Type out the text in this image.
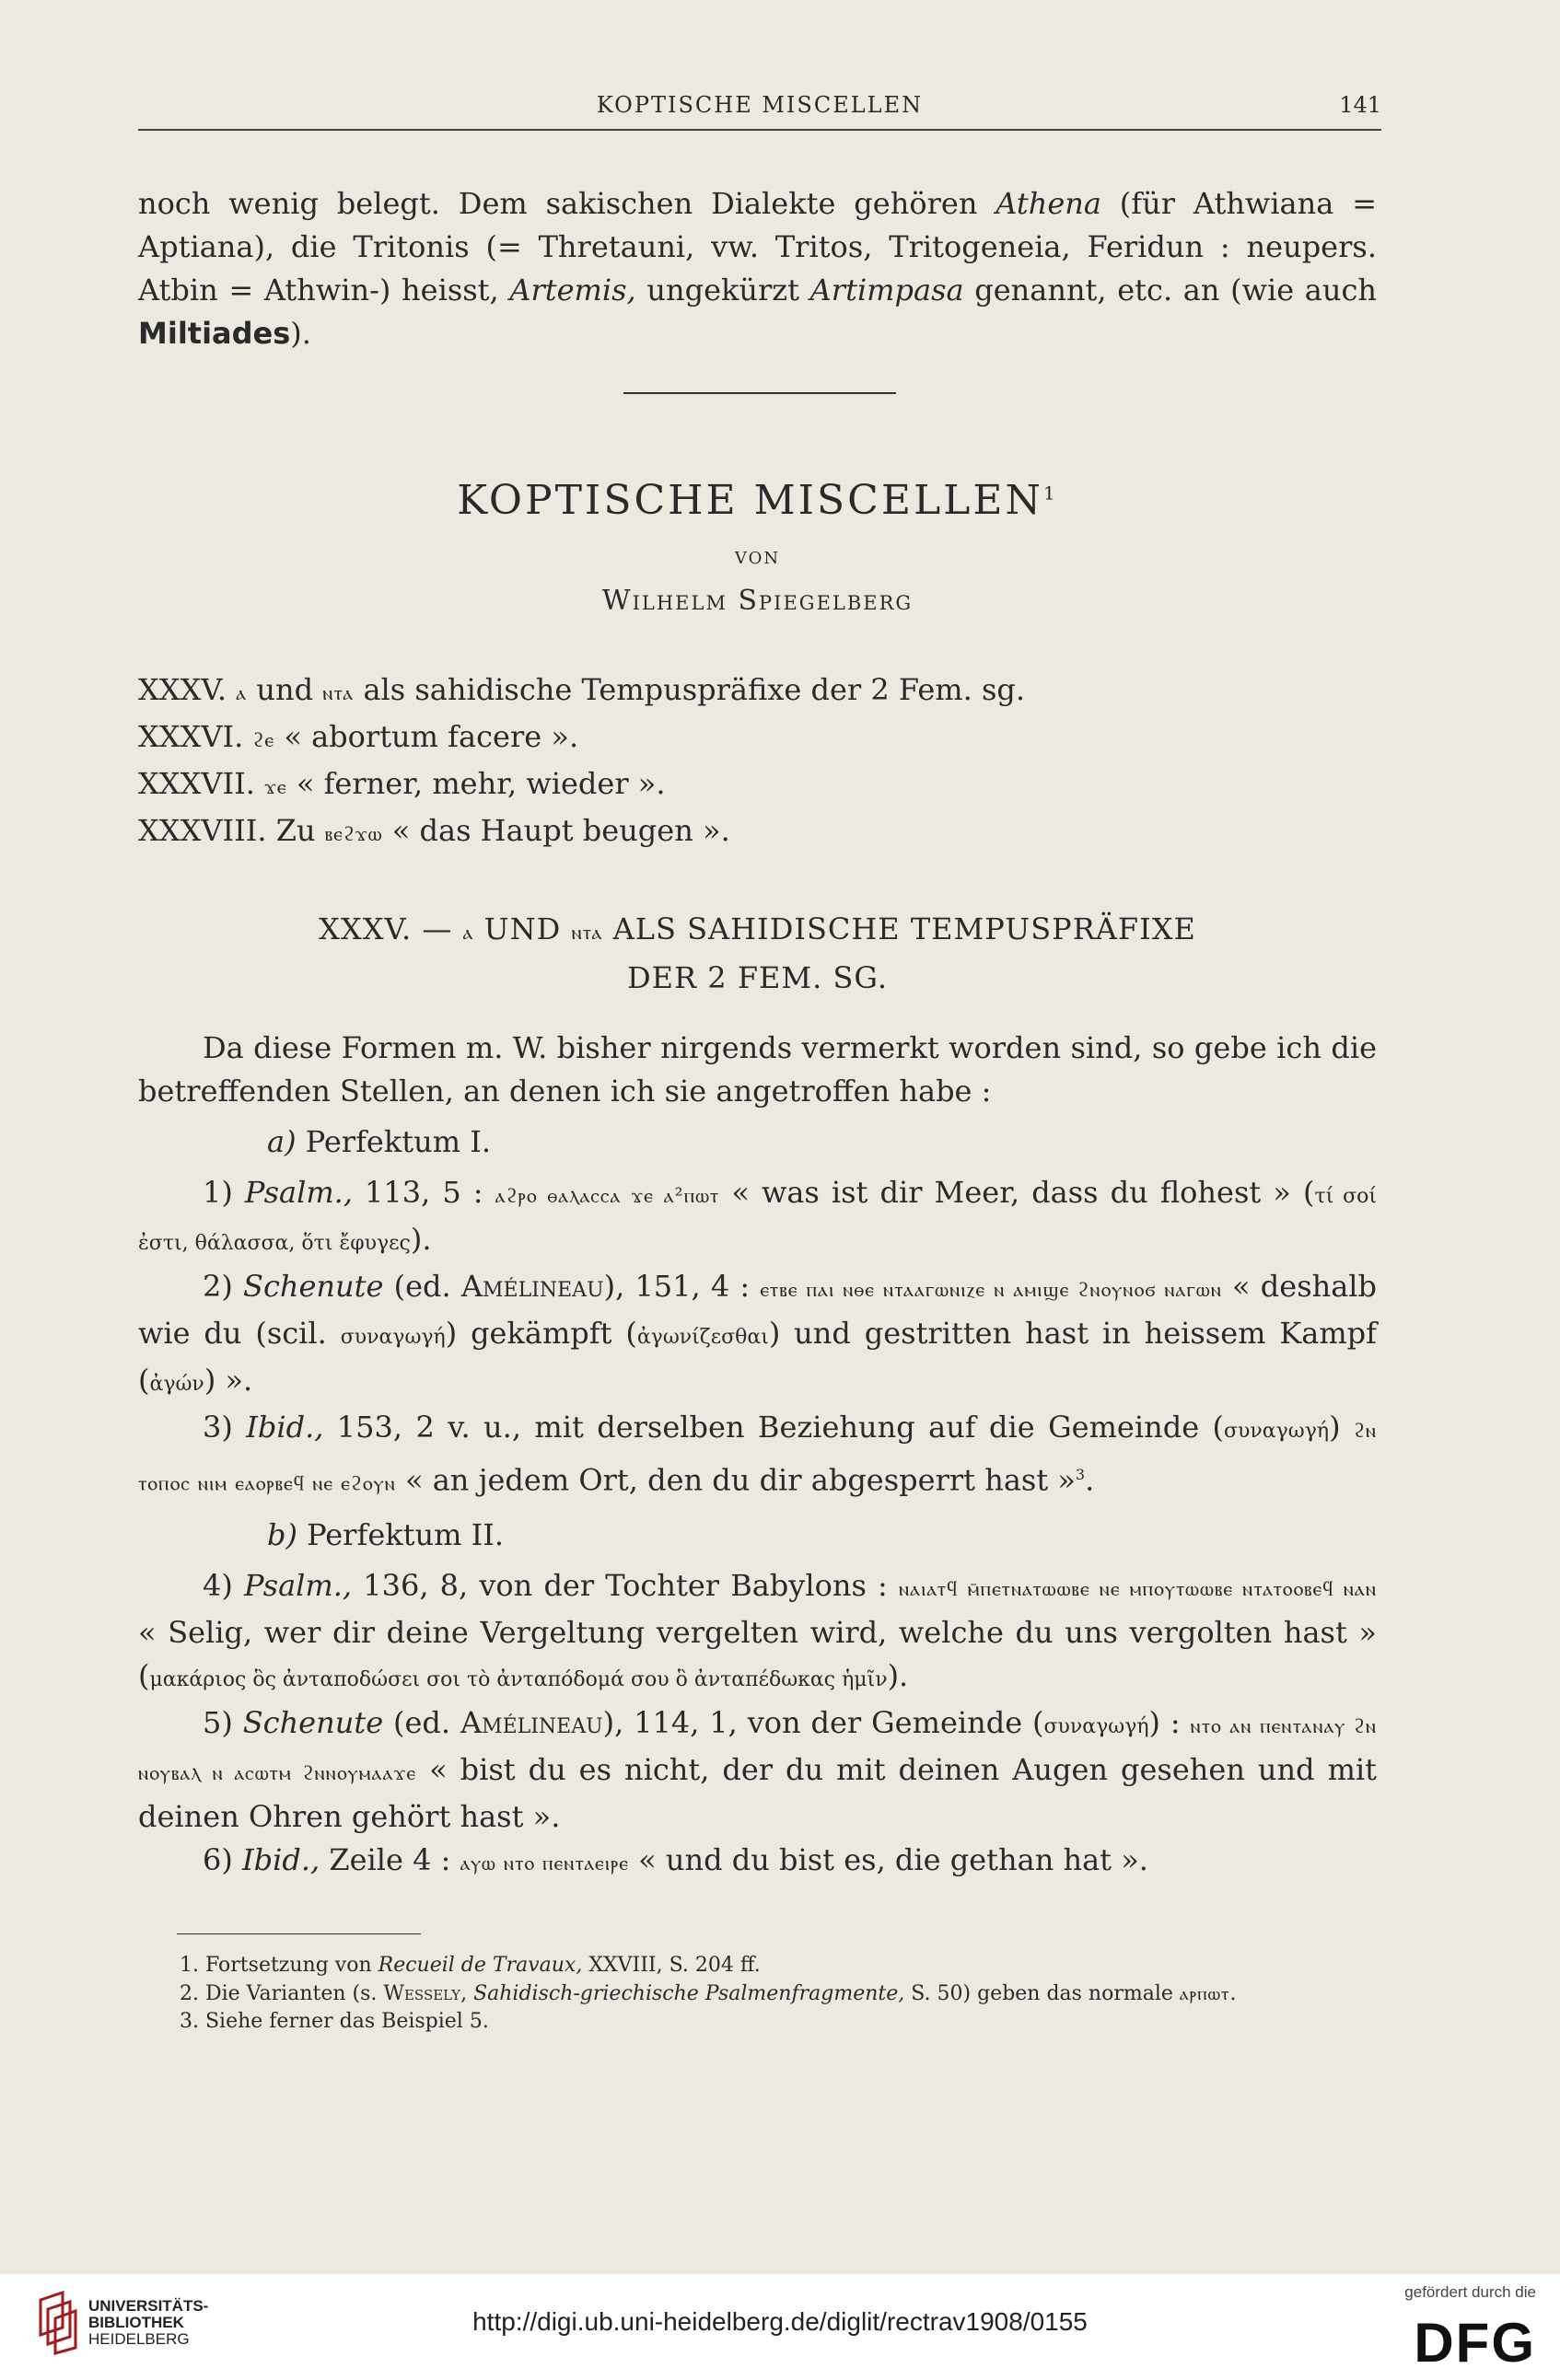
KOPTISCHE MISCELLEN	141

noch wenig belegt. Dem sakischen Dialekte gehören Athena (für Athwiana = Aptiana), die Tritonis (= Thretauni, vw. Tritos, Tritogeneia, Feridun : neupers. Atbin = Athwin-) heisst, Artemis, ungekürzt Artimpasa genannt, etc. an (wie auch Miltiades).

KOPTISCHE MISCELLEN$^1$
VON
Wilhelm Spiegelberg

XXXV. ⲁ und ⲛⲧⲁ als sahidische Tempuspräfixe der 2 Fem. sg.

XXXVI. ϩⲉ « abortum facere ».

XXXVII. ϫⲉ « ferner, mehr, wieder ».

XXXVIII. Zu ⲃⲉϩϫⲱ « das Haupt beugen ».

XXXV. — ⲁ UND ⲛⲧⲁ ALS SAHIDISCHE TEMPUSPRÄFIXE
DER 2 FEM. SG.

Da diese Formen m. W. bisher nirgends vermerkt worden sind, so gebe ich die betreffenden Stellen, an denen ich sie angetroffen habe :

a) Perfektum I.

1) Psalm., 113, 5 : ⲁϩⲣⲟ ⲑⲁⲗⲁⲥⲥⲁ ϫⲉ ⲁ²ⲡⲱⲧ « was ist dir Meer, dass du flohest » (τί σοί ἐστι, θάλασσα, ὅτι ἔφυγες).

2) Schenute (ed. Amélineau), 151, 4 : ⲉⲧⲃⲉ ⲡⲁⲓ ⲛⲑⲉ ⲛⲧⲁⲁⲅⲱⲛⲓⲍⲉ ⲛ ⲁⲙⲓϣⲉ ϩⲛⲟⲩⲛⲟϭ ⲛⲁⲅⲱⲛ « deshalb wie du (scil. συναγωγή) gekämpft (ἀγωνίζεσθαι) und gestritten hast in heissem Kampf (ἀγών) ».

3) Ibid., 153, 2 v. u., mit derselben Beziehung auf die Gemeinde (συναγωγή) ϩⲛ ⲧⲟⲡⲟⲥ ⲛⲓⲙ ⲉⲁⲟⲣⲃⲉϥ ⲛⲉ ⲉϩⲟⲩⲛ « an jedem Ort, den du dir abgesperrt hast »$^3$.

b) Perfektum II.

4) Psalm., 136, 8, von der Tochter Babylons : ⲛⲁⲓⲁⲧϥ ⲙ̄ⲡⲉⲧⲛⲁⲧⲱⲱⲃⲉ ⲛⲉ ⲙⲡⲟⲩⲧⲱⲱⲃⲉ ⲛⲧⲁⲧⲟⲟⲃⲉϥ ⲛⲁⲛ « Selig, wer dir deine Vergeltung vergelten wird, welche du uns vergolten hast » (μακάριος ὃς ἀνταποδώσει σοι τὸ ἀνταπόδομά σου ὃ ἀνταπέδωκας ἡμῖν).

5) Schenute (ed. Amélineau), 114, 1, von der Gemeinde (συναγωγή) : ⲛⲧⲟ ⲁⲛ ⲡⲉⲛⲧⲁⲛⲁⲩ ϩⲛ ⲛⲟⲩⲃⲁⲗ ⲛ ⲁⲥⲱⲧⲙ ϩⲛⲛⲟⲩⲙⲁⲁϫⲉ « bist du es nicht, der du mit deinen Augen gesehen und mit deinen Ohren gehört hast ».

6) Ibid., Zeile 4 : ⲁⲩⲱ ⲛⲧⲟ ⲡⲉⲛⲧⲁⲉⲓⲣⲉ « und du bist es, die gethan hat ».

1. Fortsetzung von Recueil de Travaux, XXVIII, S. 204 ff.

2. Die Varianten (s. Wessely, Sahidisch-griechische Psalmenfragmente, S. 50) geben das normale ⲁⲣⲡⲱⲧ.

3. Siehe ferner das Beispiel 5.

UNIVERSITÄTS-
BIBLIOTHEK
HEIDELBERG
http://digi.ub.uni-heidelberg.de/diglit/rectrav1908/0155
gefördert durch die
DFG
